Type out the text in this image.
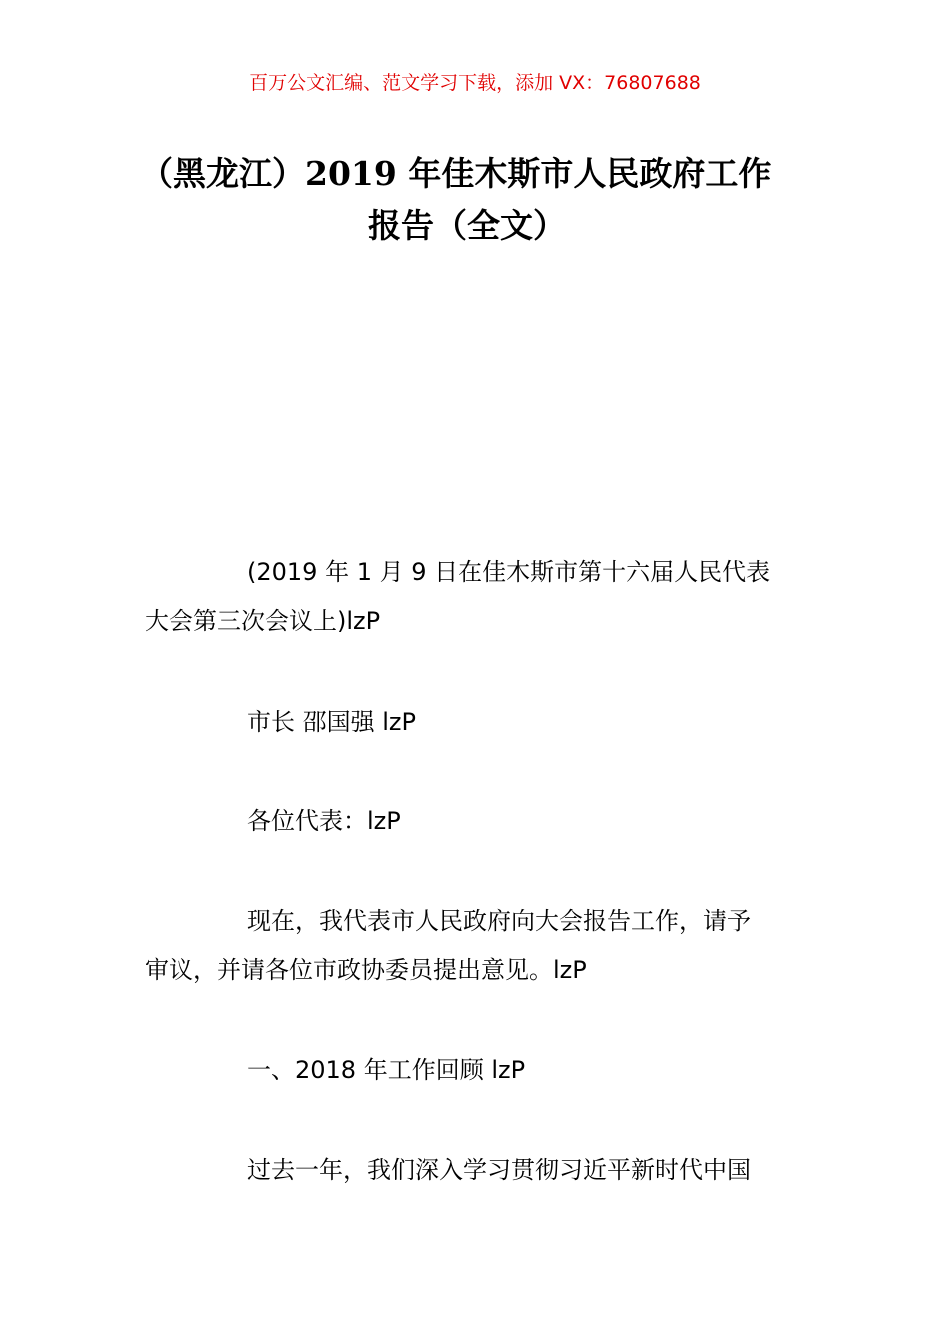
百万公文汇编、范文学习下载，添加 VX：76807688
（黑龙江）2019 年佳木斯市人民政府工作
报告（全文）
(2019 年 1 月 9 日在佳木斯市第十六届人民代表
大会第三次会议上)lzP
市长 邵国强 lzP
各位代表：lzP
现在，我代表市人民政府向大会报告工作，请予
审议，并请各位市政协委员提出意见。lzP
一、2018 年工作回顾 lzP
过去一年，我们深入学习贯彻习近平新时代中国
